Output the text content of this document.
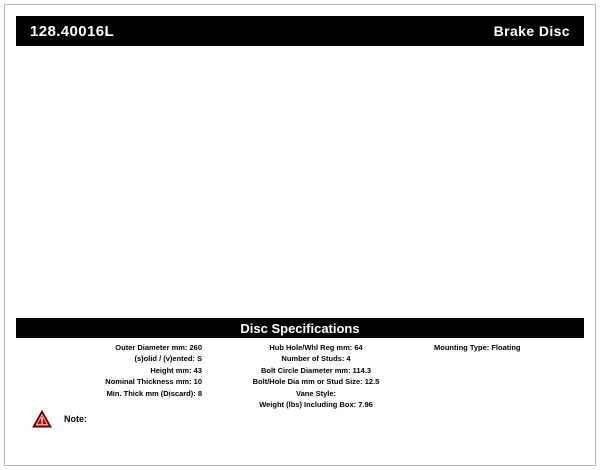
128.40016L	Brake Disc
Disc Specifications
Outer Diameter mm: 260
(s)olid / (v)ented: S
Height mm: 43
Nominal Thickness mm: 10
Min. Thick mm (Discard): 8
Hub Hole/Whl Reg mm: 64
Number of Studs: 4
Bolt Circle Diameter mm: 114.3
Bolt/Hole Dia mm or Stud Size: 12.5
Vane Style:
Weight (lbs) Including Box: 7.96
Mounting Type: Floating
Note:
